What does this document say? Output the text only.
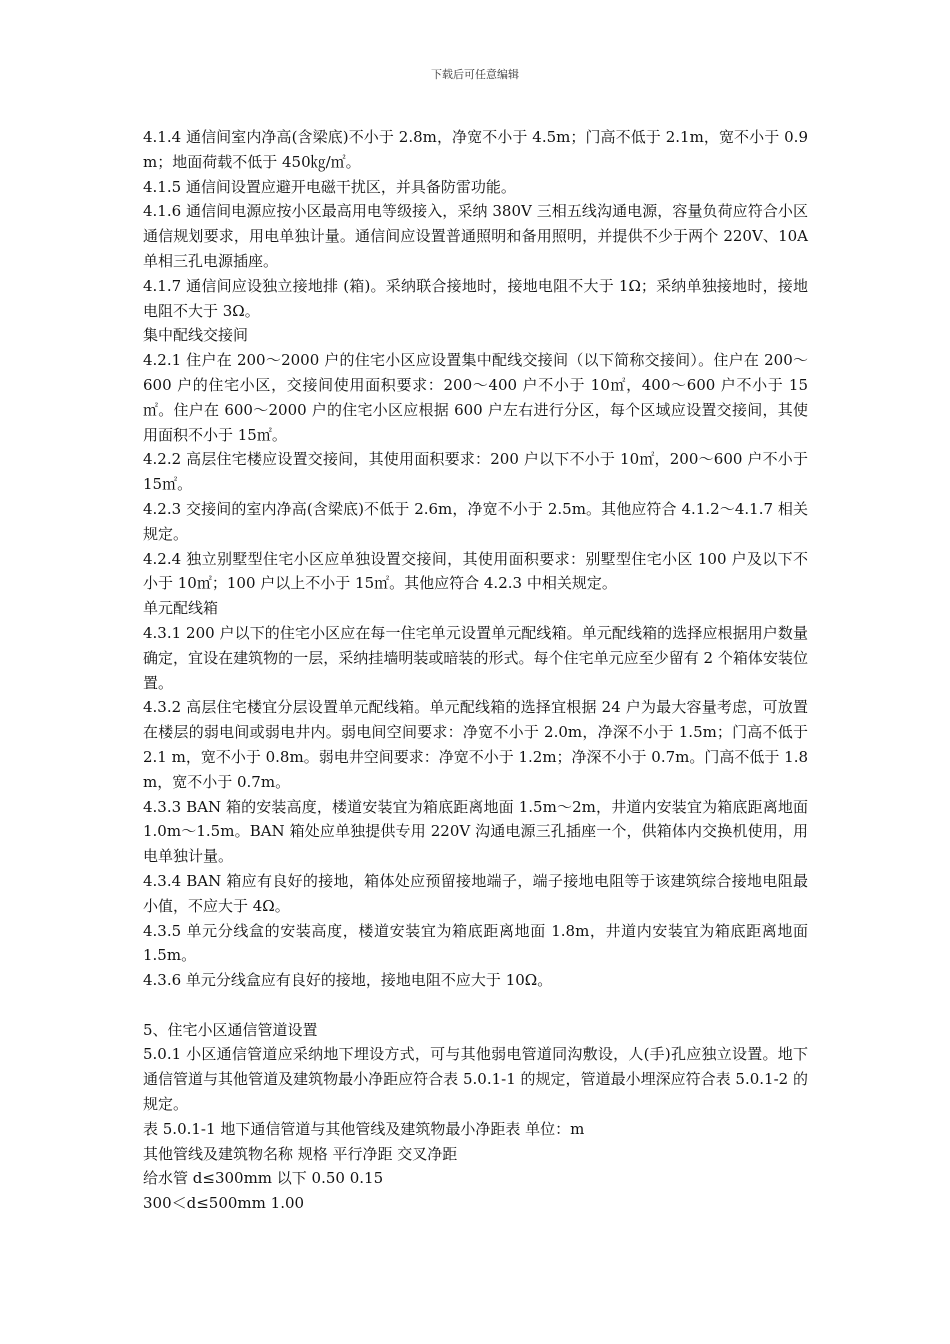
下载后可任意编辑

4.1.4 通信间室内净高(含梁底)不小于 2.8m，净宽不小于 4.5m；门高不低于 2.1m，宽不小于 0.9 m；地面荷载不低于 450㎏/㎡。

4.1.5 通信间设置应避开电磁干扰区，并具备防雷功能。

4.1.6 通信间电源应按小区最高用电等级接入，采纳 380V 三相五线沟通电源，容量负荷应符合小区通信规划要求，用电单独计量。通信间应设置普通照明和备用照明，并提供不少于两个 220V、10A 单相三孔电源插座。

4.1.7 通信间应设独立接地排 (箱)。采纳联合接地时，接地电阻不大于 1Ω；采纳单独接地时，接地电阻不大于 3Ω。

集中配线交接间

4.2.1 住户在 200～2000 户的住宅小区应设置集中配线交接间（以下简称交接间）。住户在 200～600 户的住宅小区，交接间使用面积要求：200～400 户不小于 10㎡，400～600 户不小于 15㎡。住户在 600～2000 户的住宅小区应根据 600 户左右进行分区，每个区域应设置交接间，其使用面积不小于 15㎡。

4.2.2 高层住宅楼应设置交接间，其使用面积要求：200 户以下不小于 10㎡，200～600 户不小于 15㎡。

4.2.3 交接间的室内净高(含梁底)不低于 2.6m，净宽不小于 2.5m。其他应符合 4.1.2～4.1.7 相关规定。

4.2.4 独立别墅型住宅小区应单独设置交接间，其使用面积要求：别墅型住宅小区 100 户及以下不小于 10㎡；100 户以上不小于 15㎡。其他应符合 4.2.3 中相关规定。

单元配线箱

4.3.1 200 户以下的住宅小区应在每一住宅单元设置单元配线箱。单元配线箱的选择应根据用户数量确定，宜设在建筑物的一层，采纳挂墙明装或暗装的形式。每个住宅单元应至少留有 2 个箱体安装位置。

4.3.2 高层住宅楼宜分层设置单元配线箱。单元配线箱的选择宜根据 24 户为最大容量考虑，可放置在楼层的弱电间或弱电井内。弱电间空间要求：净宽不小于 2.0m，净深不小于 1.5m；门高不低于 2.1 m，宽不小于 0.8m。弱电井空间要求：净宽不小于 1.2m；净深不小于 0.7m。门高不低于 1.8 m，宽不小于 0.7m。

4.3.3 BAN 箱的安装高度，楼道安装宜为箱底距离地面 1.5m～2m，井道内安装宜为箱底距离地面 1.0m～1.5m。BAN 箱处应单独提供专用 220V 沟通电源三孔插座一个，供箱体内交换机使用，用电单独计量。

4.3.4 BAN 箱应有良好的接地，箱体处应预留接地端子，端子接地电阻等于该建筑综合接地电阻最小值，不应大于 4Ω。

4.3.5 单元分线盒的安装高度，楼道安装宜为箱底距离地面 1.8m，井道内安装宜为箱底距离地面 1.5m。

4.3.6 单元分线盒应有良好的接地，接地电阻不应大于 10Ω。

5、住宅小区通信管道设置

5.0.1 小区通信管道应采纳地下埋设方式，可与其他弱电管道同沟敷设，人(手)孔应独立设置。地下通信管道与其他管道及建筑物最小净距应符合表 5.0.1-1 的规定，管道最小埋深应符合表 5.0.1-2 的规定。

表 5.0.1-1 地下通信管道与其他管线及建筑物最小净距表 单位：m

其他管线及建筑物名称 规格 平行净距 交叉净距

给水管 d≤300mm 以下 0.50 0.15

300＜d≤500mm 1.00
